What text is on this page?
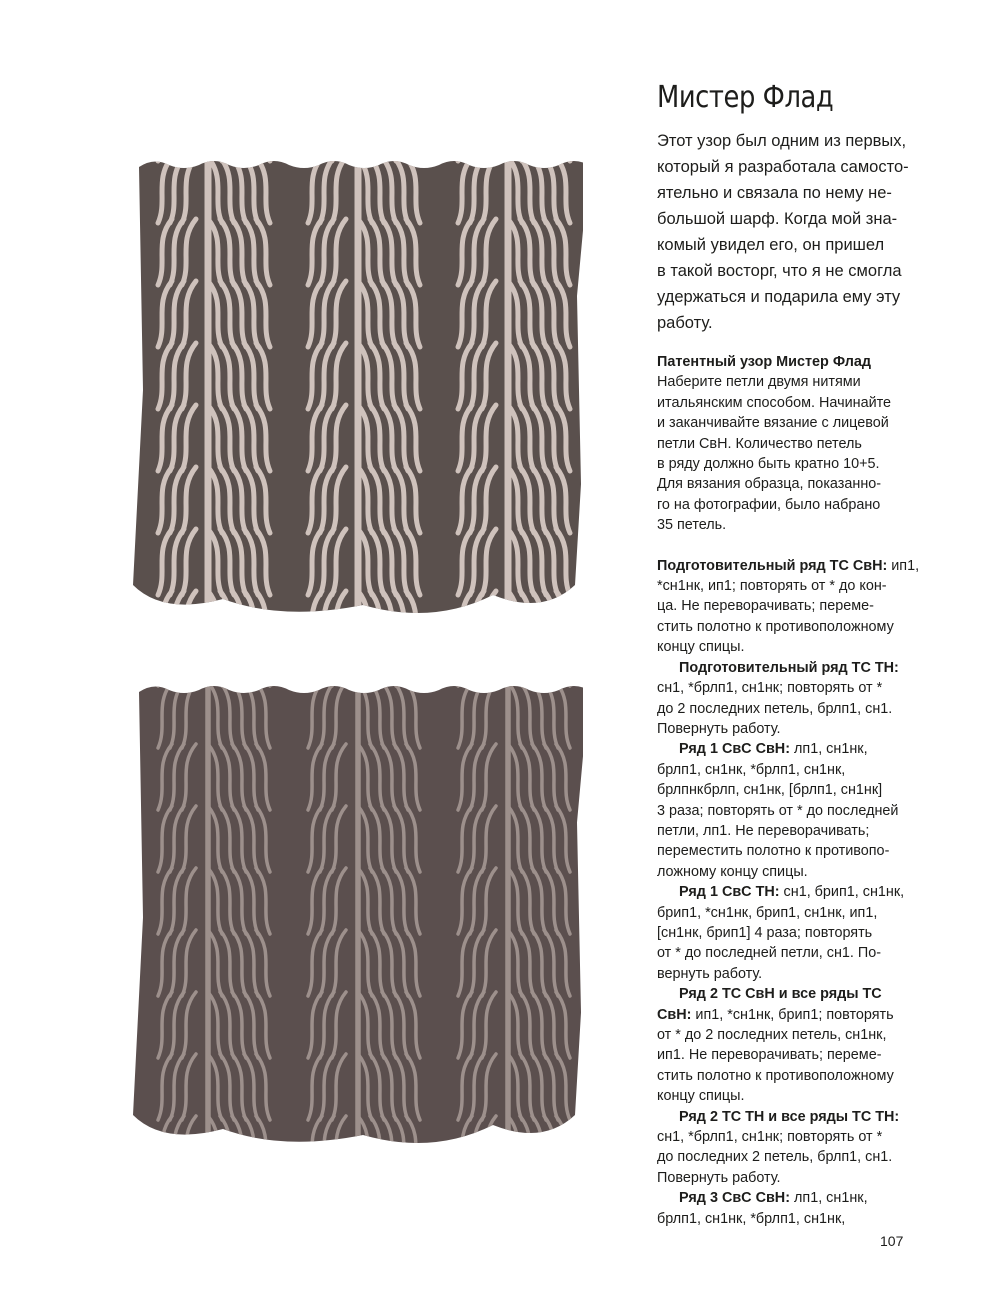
Мистер Флад

Этот узор был одним из первых,
который я разработала самосто-
ятельно и связала по нему не-
большой шарф. Когда мой зна-
комый увидел его, он пришел
в такой восторг, что я не смогла
удержаться и подарила ему эту
работу.

Патентный узор Мистер Флад
Наберите петли двумя нитями
итальянским способом. Начинайте
и заканчивайте вязание с лицевой
петли СвН. Количество петель
в ряду должно быть кратно 10+5.
Для вязания образца, показанно-
го на фотографии, было набрано
35 петель.
Подготовительный ряд ТС СвН: ип1,
*сн1нк, ип1; повторять от * до кон-
ца. Не переворачивать; переме-
стить полотно к противоположному
концу спицы.
Подготовительный ряд ТС ТН:
сн1, *брлп1, сн1нк; повторять от *
до 2 последних петель, брлп1, сн1.
Повернуть работу.
Ряд 1 СвС СвН: лп1, сн1нк,
брлп1, сн1нк, *брлп1, сн1нк,
брлпнкбрлп, сн1нк, [брлп1, сн1нк]
3 раза; повторять от * до последней
петли, лп1. Не переворачивать;
переместить полотно к противопо-
ложному концу спицы.
Ряд 1 СвС ТН: сн1, брип1, сн1нк,
брип1, *сн1нк, брип1, сн1нк, ип1,
[сн1нк, брип1] 4 раза; повторять
от * до последней петли, сн1. По-
вернуть работу.
Ряд 2 ТС СвН и все ряды ТС
СвН: ип1, *сн1нк, брип1; повторять
от * до 2 последних петель, сн1нк,
ип1. Не переворачивать; переме-
стить полотно к противоположному
концу спицы.
Ряд 2 ТС ТН и все ряды ТС ТН:
сн1, *брлп1, сн1нк; повторять от *
до последних 2 петель, брлп1, сн1.
Повернуть работу.
Ряд 3 СвС СвН: лп1, сн1нк,
брлп1, сн1нк, *брлп1, сн1нк,
107
